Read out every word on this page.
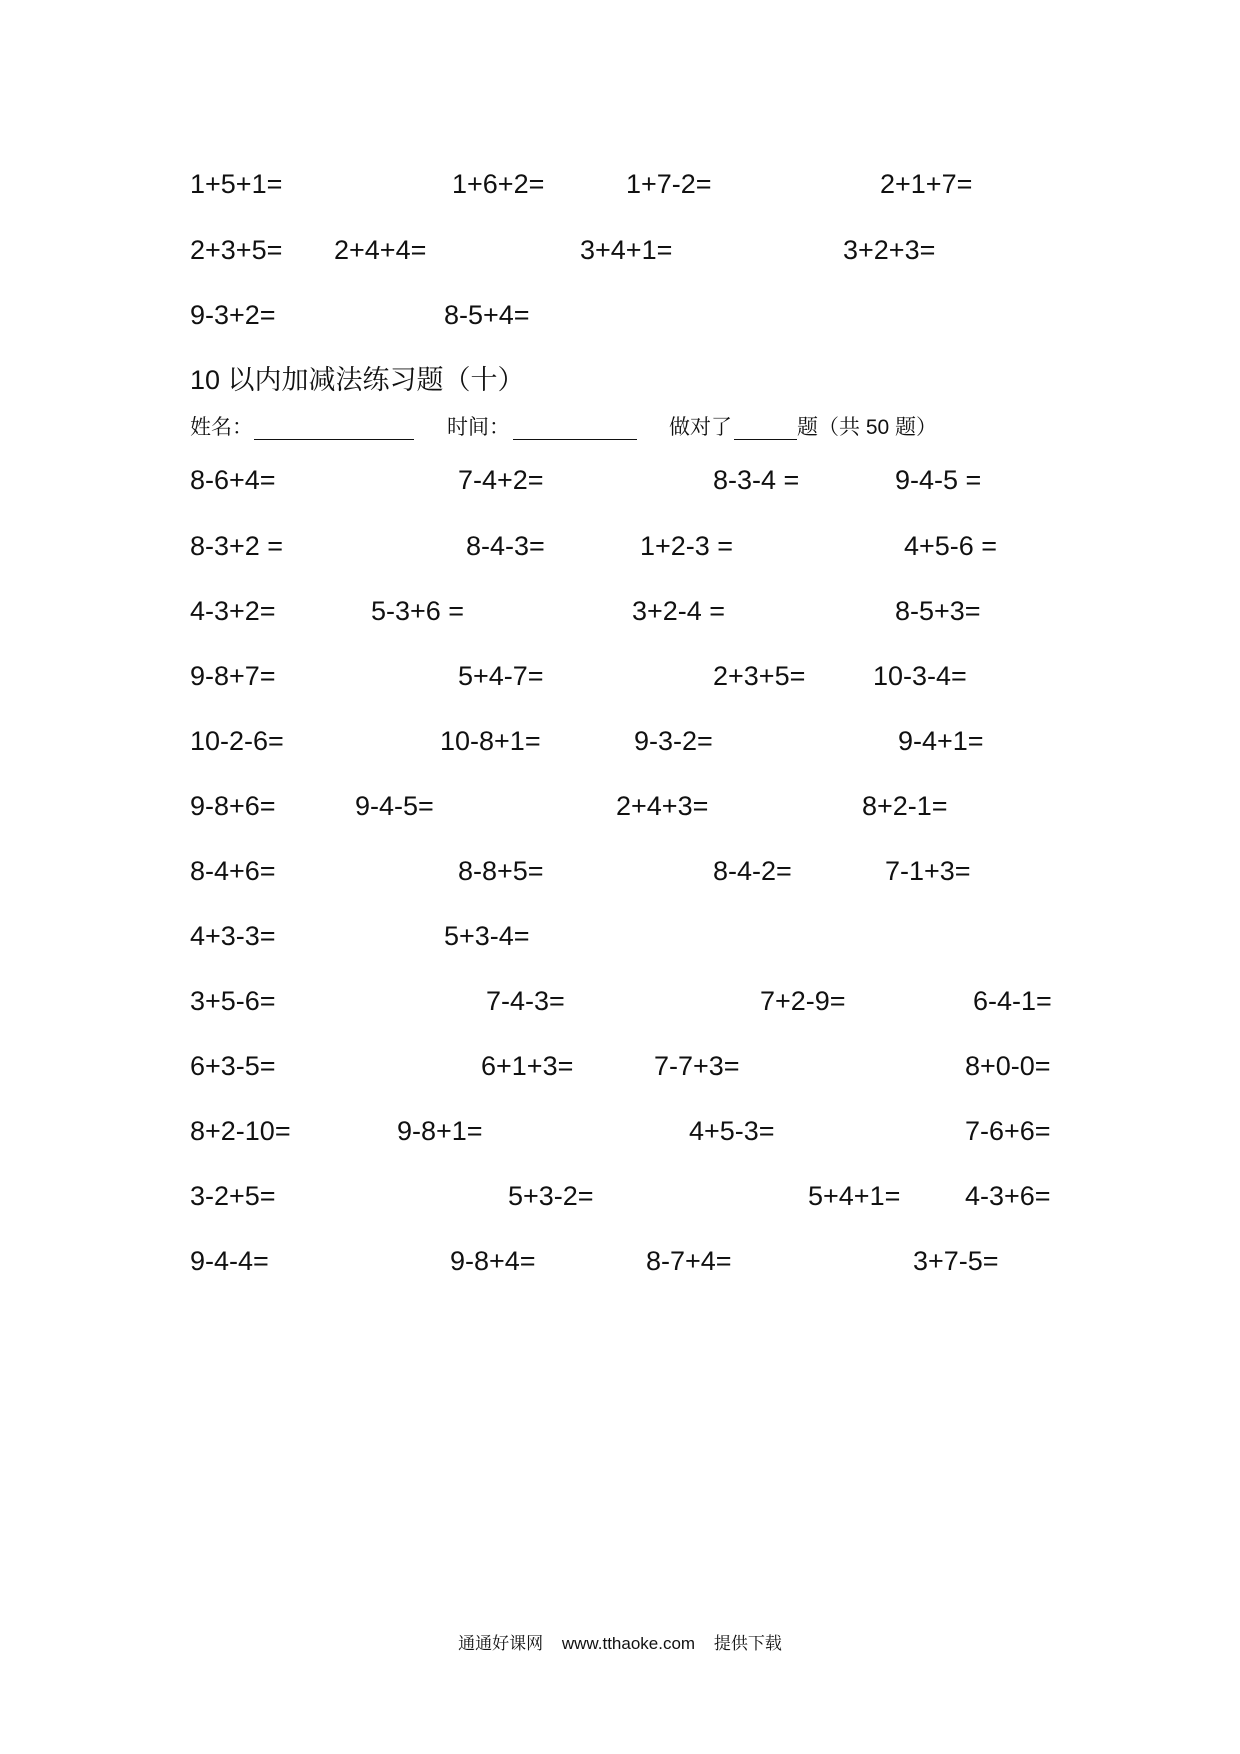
1+5+1=	1+6+2=	1+7-2=	2+1+7=
2+3+5= 2+4+4=	3+4+1=	3+2+3=
9-3+2=	8-5+4=
10 以内加减法练习题（十）
姓名：	时间：	做对了	题（共 50 题）
8-6+4=	7-4+2=	8-3-4 =	9-4-5 =
8-3+2 =	8-4-3=	1+2-3 =	4+5-6 =
4-3+2=	5-3+6 =	3+2-4 =	8-5+3=
9-8+7=	5+4-7=	2+3+5=	10-3-4=
10-2-6=	10-8+1=	9-3-2=	9-4+1=
9-8+6=	9-4-5=	2+4+3=	8+2-1=
8-4+6=	8-8+5=	8-4-2=	7-1+3=
4+3-3=	5+3-4=
3+5-6=	7-4-3=	7+2-9=	6-4-1=
6+3-5=	6+1+3=	7-7+3=	8+0-0=
8+2-10=	9-8+1=	4+5-3=	7-6+6=
3-2+5=	5+3-2=	5+4+1= 4-3+6=
9-4-4=	9-8+4=	8-7+4=	3+7-5=
通通好课网 www.tthaoke.com 提供下载
